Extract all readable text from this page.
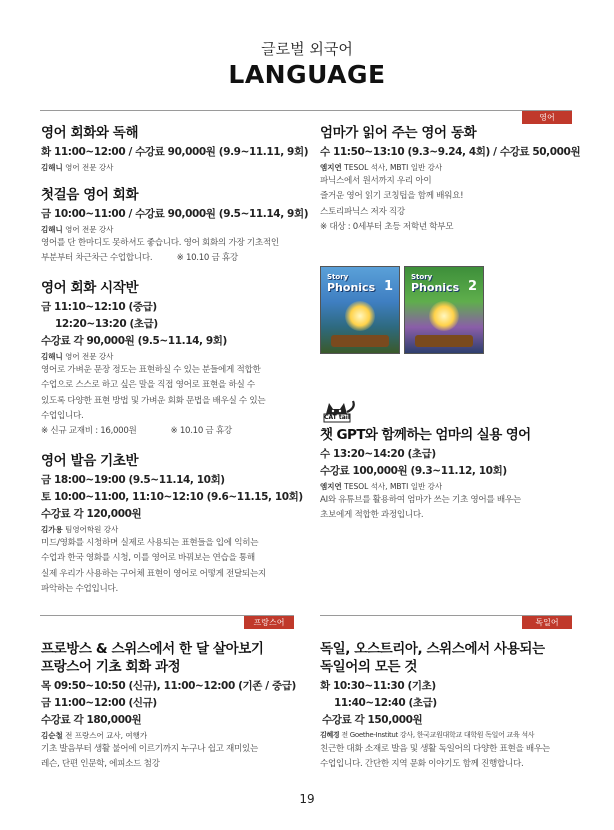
글로벌 외국어
LANGUAGE
영어

영어 회화와 독해

화 11:00~12:00 / 수강료 90,000원 (9.9~11.11, 9회)
김해니 영어 전문 강사

첫걸음 영어 회화

금 10:00~11:00 / 수강료 90,000원 (9.5~11.14, 9회)
김해니 영어 전문 강사
영어를 단 한마디도 못하셔도 좋습니다. 영어 회화의 가장 기초적인
부분부터 차근차근 수업합니다.          ※ 10.10 금 휴강

영어 회화 시작반

금 11:10~12:10 (중급)
12:20~13:20 (초급)
수강료 각 90,000원 (9.5~11.14, 9회)
김해니 영어 전문 강사
영어로 가벼운 문장 정도는 표현하실 수 있는 분들에게 적합한
수업으로 스스로 하고 싶은 말을 직접 영어로 표현을 하실 수
있도록 다양한 표현 방법 및 가벼운 회화 문법을 배우실 수 있는
수업입니다.
※ 신규 교재비 : 16,000원              ※ 10.10 금 휴강

영어 발음 기초반

금 18:00~19:00 (9.5~11.14, 10회)
토 10:00~11:00, 11:10~12:10 (9.6~11.15, 10회)
수강료 각 120,000원
김가용 팀영어학원 강사
미드/영화를 시청하며 실제로 사용되는 표현들을 입에 익히는
수업과 한국 영화를 시청, 이를 영어로 바꿔보는 연습을 통해
실제 우리가 사용하는 구어체 표현이 영어로 어떻게 전달되는지
파악하는 수업입니다.

엄마가 읽어 주는 영어 동화

수 11:50~13:10 (9.3~9.24, 4회) / 수강료 50,000원
엠지연 TESOL 석사, MBTI 일반 강사
파닉스에서 원서까지 우리 아이
즐거운 영어 읽기 코칭팁을 함께 배워요!
스토리파닉스 저자 직강
※ 대상 : 0세부터 초등 저학년 학부모
Story
Phonics 1
Story
Phonics 2
CAT tail

챗 GPT와 함께하는 엄마의 실용 영어

수 13:20~14:20 (초급)
수강료 100,000원 (9.3~11.12, 10회)
엠지연 TESOL 석사, MBTI 일반 강사
AI와 유튜브를 활용하여 엄마가 쓰는 기초 영어를 배우는
초보에게 적합한 과정입니다.
프랑스어	독일어

프로방스 & 스위스에서 한 달 살아보기

프랑스어 기초 회화 과정

목 09:50~10:50 (신규), 11:00~12:00 (기존 / 중급)
금 11:00~12:00 (신규)
수강료 각 180,000원
김순철 전 프랑스어 교사, 여행가
기초 발음부터 생활 불어에 이르기까지 누구나 쉽고 재미있는
레슨, 단편 인문학, 에피소드 첨강

독일, 오스트리아, 스위스에서 사용되는

독일어의 모든 것

화 10:30~11:30 (기초)
11:40~12:40 (초급)
수강료 각 150,000원
김혜경 전 Goethe-Institut 강사, 한국교원대학교 대학원 독일어 교육 석사
친근한 대화 소재로 발음 및 생활 독일어의 다양한 표현을 배우는
수업입니다. 간단한 지역 문화 이야기도 함께 진행합니다.
19
